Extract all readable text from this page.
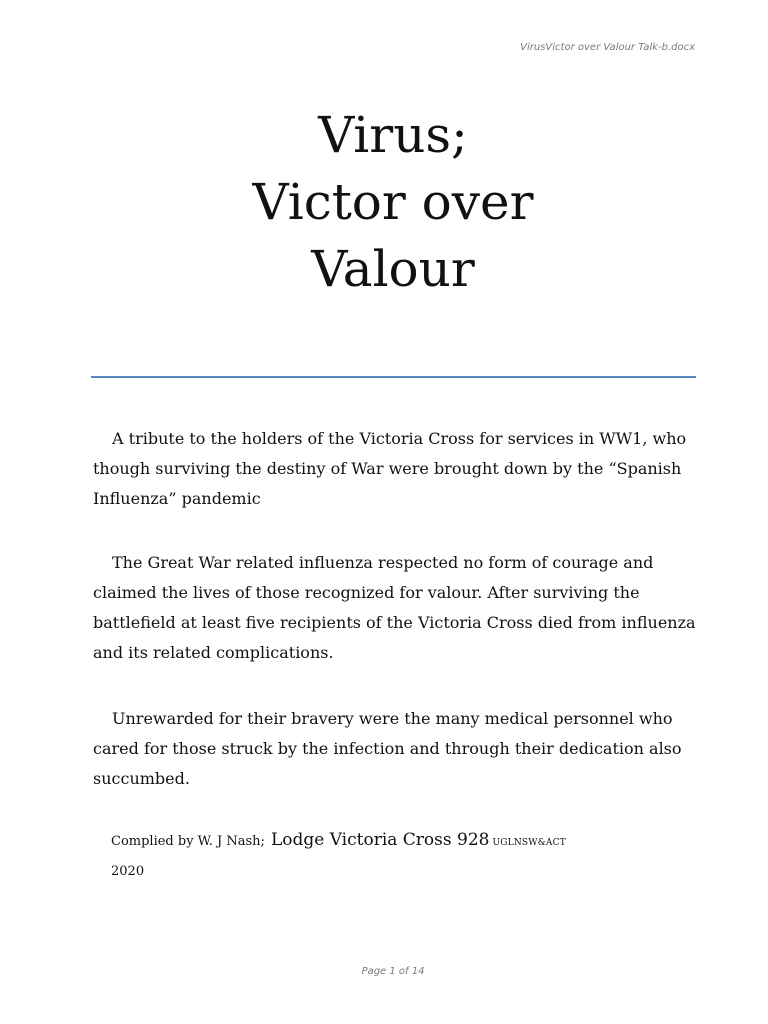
VirusVictor over Valour Talk-b.docx
Virus;
Victor over
Valour

A tribute to the holders of the Victoria Cross for services in WW1, who though surviving the destiny of War were brought down by the “Spanish Influenza” pandemic

The Great War related influenza respected no form of courage and claimed the lives of those recognized for valour. After surviving the battlefield at least five recipients of the Victoria Cross died from influenza and its related complications.

Unrewarded for their bravery were the many medical personnel who cared for those struck by the infection and through their dedication also succumbed.

Complied by W. J Nash; Lodge Victoria Cross 928 UGLNSW&ACT
2020
Page 1 of 14
